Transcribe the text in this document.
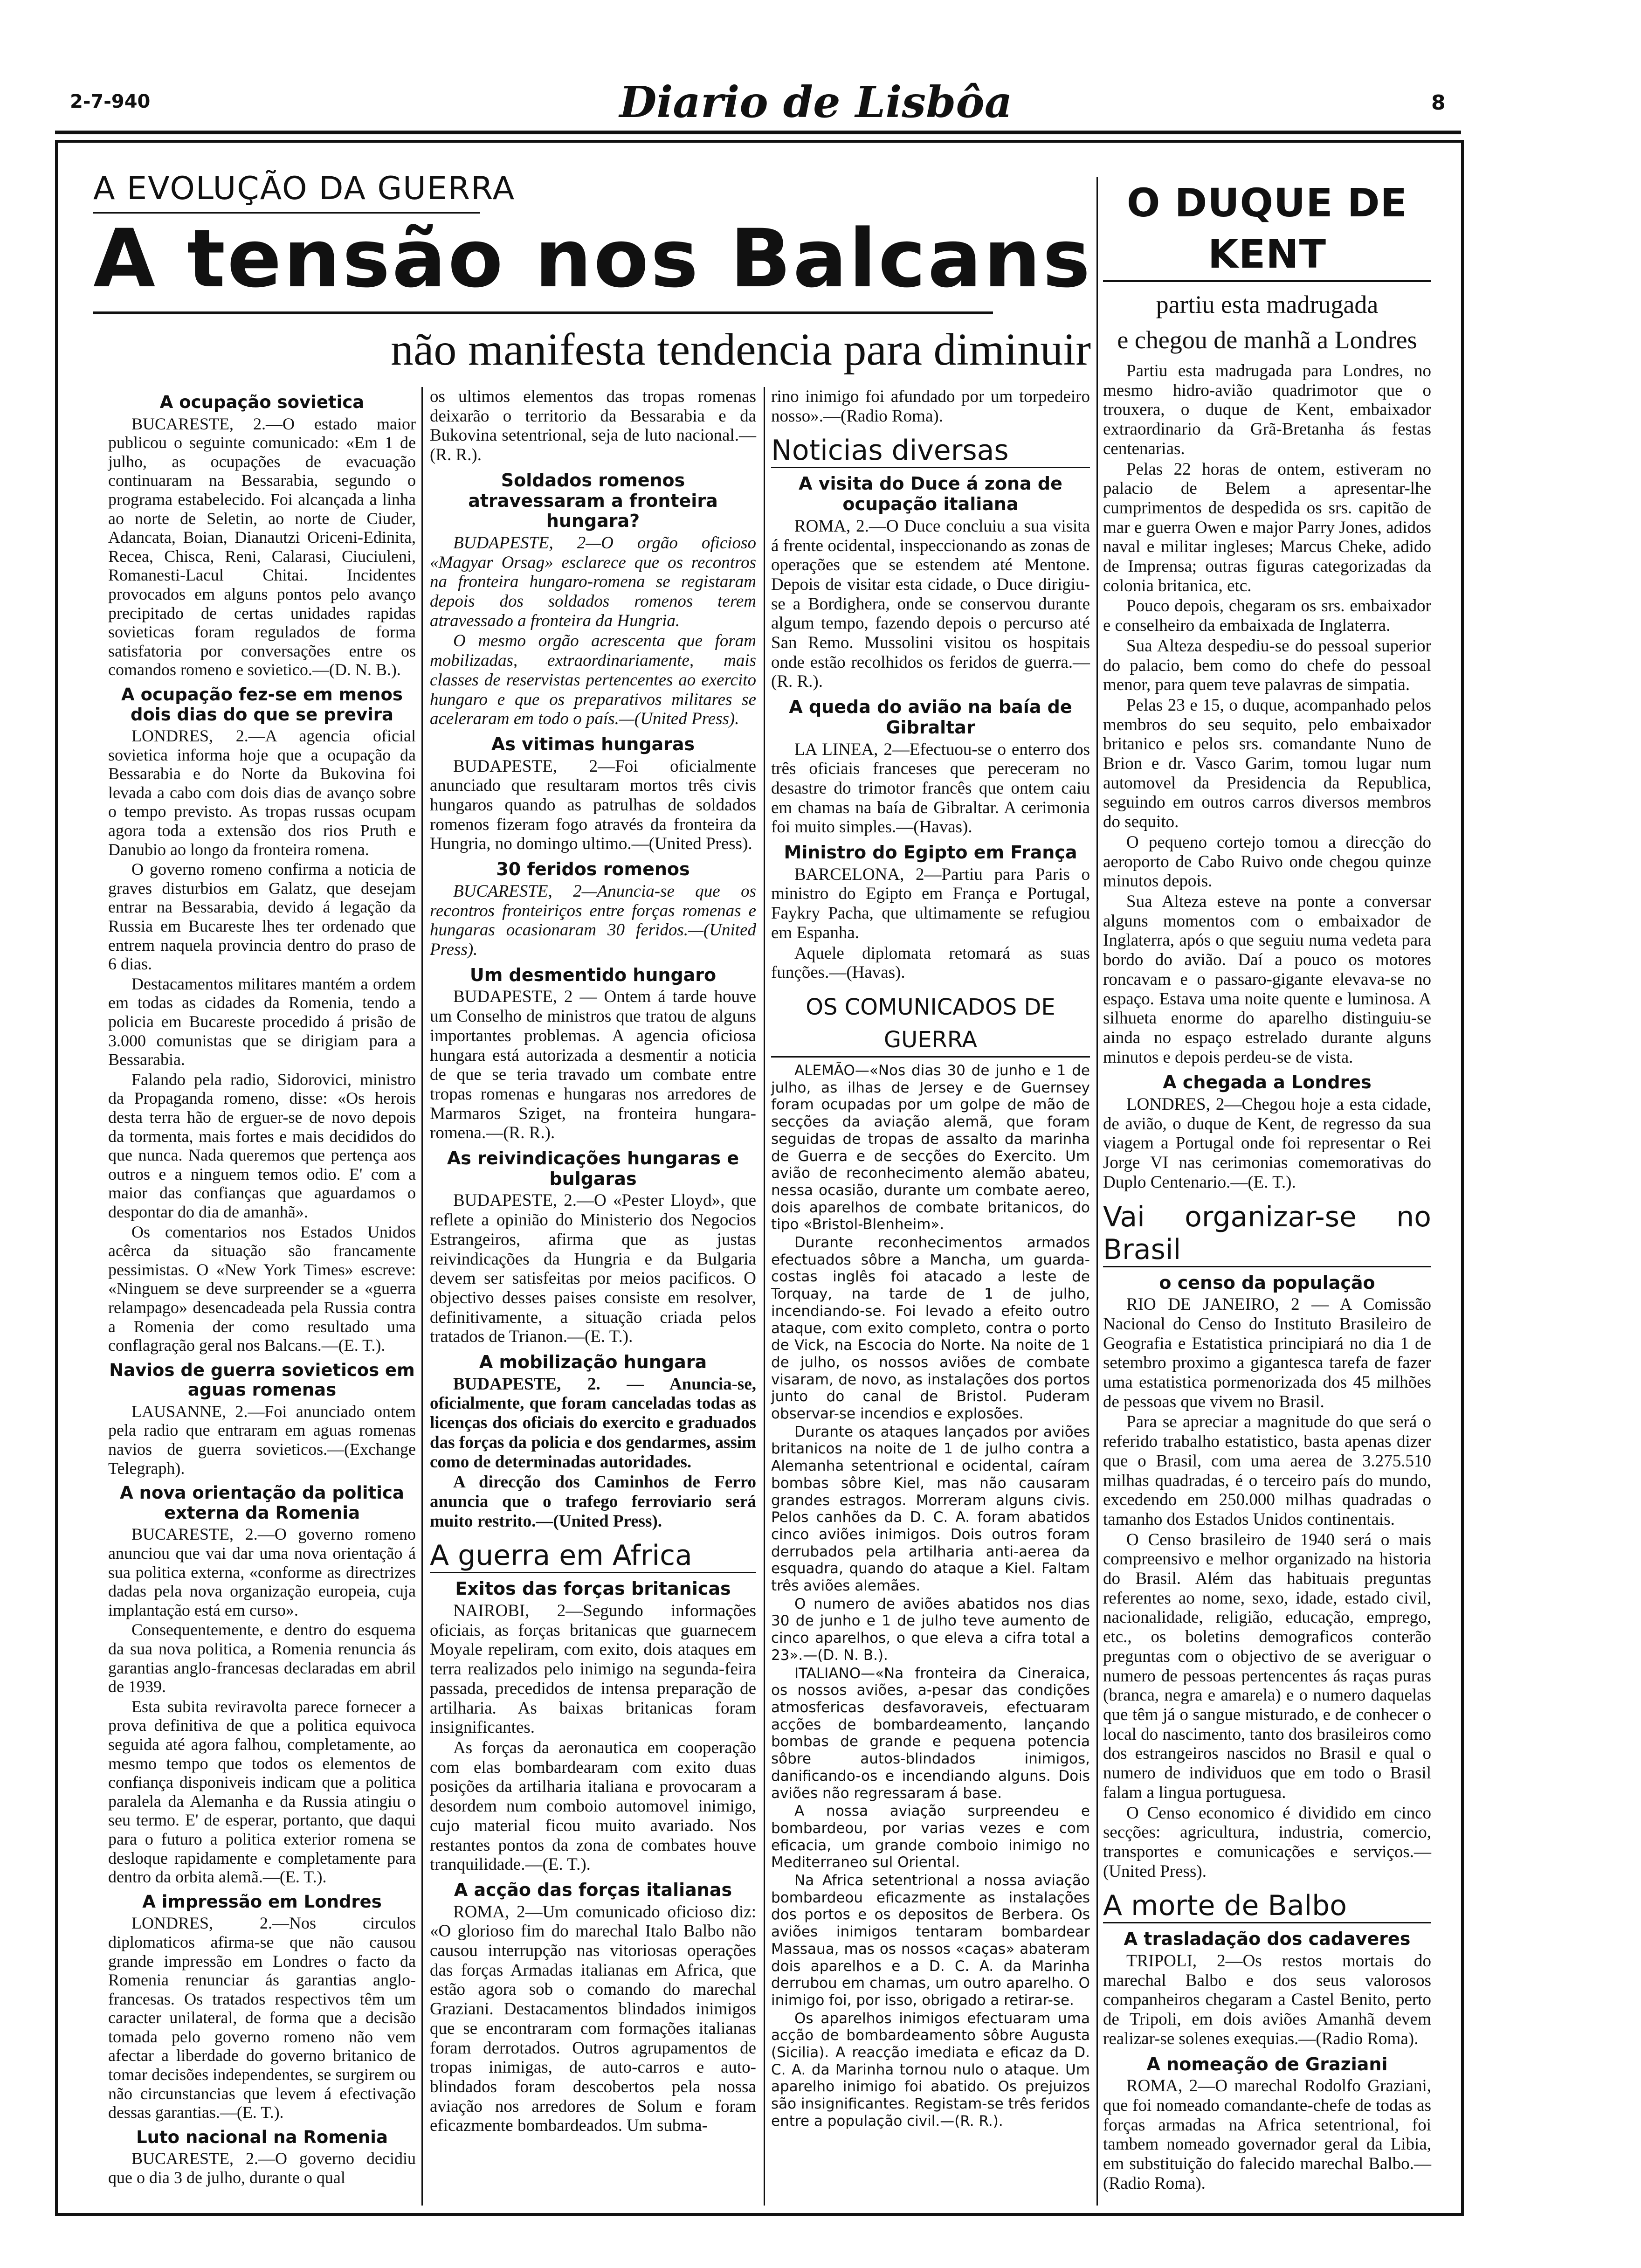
2-7-940	Diario de Lisbôa	8
A EVOLUÇÃO DA GUERRA
A tensão nos Balcans
não manifesta tendencia para diminuir
A ocupação sovietica

BUCARESTE, 2.—O estado maior publicou o seguinte comunicado: «Em 1 de julho, as ocupações de evacuação continuaram na Bessarabia, segundo o programa estabelecido. Foi alcançada a linha ao norte de Seletin, ao norte de Ciuder, Adancata, Boian, Dianautzi Oriceni-Edinita, Recea, Chisca, Reni, Calarasi, Ciuciuleni, Romanesti-Lacul Chitai. Incidentes provocados em alguns pontos pelo avanço precipitado de certas unidades rapidas sovieticas foram regulados de forma satisfatoria por conversações entre os comandos romeno e sovietico.—(D. N. B.).

A ocupação fez-se em menos dois dias do que se previra

LONDRES, 2.—A agencia oficial sovietica informa hoje que a ocupação da Bessarabia e do Norte da Bukovina foi levada a cabo com dois dias de avanço sobre o tempo previsto. As tropas russas ocupam agora toda a extensão dos rios Pruth e Danubio ao longo da fronteira romena.

O governo romeno confirma a noticia de graves disturbios em Galatz, que desejam entrar na Bessarabia, devido á legação da Russia em Bucareste lhes ter ordenado que entrem naquela provincia dentro do praso de 6 dias.

Destacamentos militares mantém a ordem em todas as cidades da Romenia, tendo a policia em Bucareste procedido á prisão de 3.000 comunistas que se dirigiam para a Bessarabia.

Falando pela radio, Sidorovici, ministro da Propaganda romeno, disse: «Os herois desta terra hão de erguer-se de novo depois da tormenta, mais fortes e mais decididos do que nunca. Nada queremos que pertença aos outros e a ninguem temos odio. E' com a maior das confianças que aguardamos o despontar do dia de amanhã».

Os comentarios nos Estados Unidos acêrca da situação são francamente pessimistas. O «New York Times» escreve: «Ninguem se deve surpreender se a «guerra relampago» desencadeada pela Russia contra a Romenia der como resultado uma conflagração geral nos Balcans.—(E. T.).

Navios de guerra sovieticos em aguas romenas

LAUSANNE, 2.—Foi anunciado ontem pela radio que entraram em aguas romenas navios de guerra sovieticos.—(Exchange Telegraph).

A nova orientação da politica externa da Romenia

BUCARESTE, 2.—O governo romeno anunciou que vai dar uma nova orientação á sua politica externa, «conforme as directrizes dadas pela nova organização europeia, cuja implantação está em curso».

Consequentemente, e dentro do esquema da sua nova politica, a Romenia renuncia ás garantias anglo-francesas declaradas em abril de 1939.

Esta subita reviravolta parece fornecer a prova definitiva de que a politica equivoca seguida até agora falhou, completamente, ao mesmo tempo que todos os elementos de confiança disponiveis indicam que a politica paralela da Alemanha e da Russia atingiu o seu termo. E' de esperar, portanto, que daqui para o futuro a politica exterior romena se desloque rapidamente e completamente para dentro da orbita alemã.—(E. T.).

A impressão em Londres

LONDRES, 2.—Nos circulos diplomaticos afirma-se que não causou grande impressão em Londres o facto da Romenia renunciar ás garantias anglo-francesas. Os tratados respectivos têm um caracter unilateral, de forma que a decisão tomada pelo governo romeno não vem afectar a liberdade do governo britanico de tomar decisões independentes, se surgirem ou não circunstancias que levem á efectivação dessas garantias.—(E. T.).

Luto nacional na Romenia

BUCARESTE, 2.—O governo decidiu que o dia 3 de julho, durante o qual

os ultimos elementos das tropas romenas deixarão o territorio da Bessarabia e da Bukovina setentrional, seja de luto nacional.—(R. R.).

Soldados romenos atravessaram a fronteira hungara?

BUDAPESTE, 2—O orgão oficioso «Magyar Orsag» esclarece que os recontros na fronteira hungaro-romena se registaram depois dos soldados romenos terem atravessado a fronteira da Hungria.

O mesmo orgão acrescenta que foram mobilizadas, extraordinariamente, mais classes de reservistas pertencentes ao exercito hungaro e que os preparativos militares se aceleraram em todo o país.—(United Press).

As vitimas hungaras

BUDAPESTE, 2—Foi oficialmente anunciado que resultaram mortos três civis hungaros quando as patrulhas de soldados romenos fizeram fogo através da fronteira da Hungria, no domingo ultimo.—(United Press).

30 feridos romenos

BUCARESTE, 2—Anuncia-se que os recontros fronteiriços entre forças romenas e hungaras ocasionaram 30 feridos.—(United Press).

Um desmentido hungaro

BUDAPESTE, 2 — Ontem á tarde houve um Conselho de ministros que tratou de alguns importantes problemas. A agencia oficiosa hungara está autorizada a desmentir a noticia de que se teria travado um combate entre tropas romenas e hungaras nos arredores de Marmaros Sziget, na fronteira hungara-romena.—(R. R.).

As reivindicações hungaras e bulgaras

BUDAPESTE, 2.—O «Pester Lloyd», que reflete a opinião do Ministerio dos Negocios Estrangeiros, afirma que as justas reivindicações da Hungria e da Bulgaria devem ser satisfeitas por meios pacificos. O objectivo desses paises consiste em resolver, definitivamente, a situação criada pelos tratados de Trianon.—(E. T.).

A mobilização hungara

BUDAPESTE, 2. — Anuncia-se, oficialmente, que foram canceladas todas as licenças dos oficiais do exercito e graduados das forças da policia e dos gendarmes, assim como de determinadas autoridades.

A direcção dos Caminhos de Ferro anuncia que o trafego ferroviario será muito restrito.—(United Press).

A guerra em Africa
Exitos das forças britanicas

NAIROBI, 2—Segundo informações oficiais, as forças britanicas que guarnecem Moyale repeliram, com exito, dois ataques em terra realizados pelo inimigo na segunda-feira passada, precedidos de intensa preparação de artilharia. As baixas britanicas foram insignificantes.

As forças da aeronautica em cooperação com elas bombardearam com exito duas posições da artilharia italiana e provocaram a desordem num comboio automovel inimigo, cujo material ficou muito avariado. Nos restantes pontos da zona de combates houve tranquilidade.—(E. T.).

A acção das forças italianas

ROMA, 2—Um comunicado oficioso diz: «O glorioso fim do marechal Italo Balbo não causou interrupção nas vitoriosas operações das forças Armadas italianas em Africa, que estão agora sob o comando do marechal Graziani. Destacamentos blindados inimigos que se encontraram com formações italianas foram derrotados. Outros agrupamentos de tropas inimigas, de auto-carros e auto-blindados foram descobertos pela nossa aviação nos arredores de Solum e foram eficazmente bombardeados. Um subma-

rino inimigo foi afundado por um torpedeiro nosso».—(Radio Roma).

Noticias diversas
A visita do Duce á zona de ocupação italiana

ROMA, 2.—O Duce concluiu a sua visita á frente ocidental, inspeccionando as zonas de operações que se estendem até Mentone. Depois de visitar esta cidade, o Duce dirigiu-se a Bordighera, onde se conservou durante algum tempo, fazendo depois o percurso até San Remo. Mussolini visitou os hospitais onde estão recolhidos os feridos de guerra.—(R. R.).

A queda do avião na baía de Gibraltar

LA LINEA, 2—Efectuou-se o enterro dos três oficiais franceses que pereceram no desastre do trimotor francês que ontem caiu em chamas na baía de Gibraltar. A cerimonia foi muito simples.—(Havas).

Ministro do Egipto em França

BARCELONA, 2—Partiu para Paris o ministro do Egipto em França e Portugal, Faykry Pacha, que ultimamente se refugiou em Espanha.

Aquele diplomata retomará as suas funções.—(Havas).

OS COMUNICADOS DE GUERRA

ALEMÃO—«Nos dias 30 de junho e 1 de julho, as ilhas de Jersey e de Guernsey foram ocupadas por um golpe de mão de secções da aviação alemã, que foram seguidas de tropas de assalto da marinha de Guerra e de secções do Exercito. Um avião de reconhecimento alemão abateu, nessa ocasião, durante um combate aereo, dois aparelhos de combate britanicos, do tipo «Bristol-Blenheim».

Durante reconhecimentos armados efectuados sôbre a Mancha, um guarda-costas inglês foi atacado a leste de Torquay, na tarde de 1 de julho, incendiando-se. Foi levado a efeito outro ataque, com exito completo, contra o porto de Vick, na Escocia do Norte. Na noite de 1 de julho, os nossos aviões de combate visaram, de novo, as instalações dos portos junto do canal de Bristol. Puderam observar-se incendios e explosões.

Durante os ataques lançados por aviões britanicos na noite de 1 de julho contra a Alemanha setentrional e ocidental, caíram bombas sôbre Kiel, mas não causaram grandes estragos. Morreram alguns civis. Pelos canhões da D. C. A. foram abatidos cinco aviões inimigos. Dois outros foram derrubados pela artilharia anti-aerea da esquadra, quando do ataque a Kiel. Faltam três aviões alemães.

O numero de aviões abatidos nos dias 30 de junho e 1 de julho teve aumento de cinco aparelhos, o que eleva a cifra total a 23».—(D. N. B.).

ITALIANO—«Na fronteira da Cineraica, os nossos aviões, a-pesar das condições atmosfericas desfavoraveis, efectuaram acções de bombardeamento, lançando bombas de grande e pequena potencia sôbre autos-blindados inimigos, danificando-os e incendiando alguns. Dois aviões não regressaram á base.

A nossa aviação surpreendeu e bombardeou, por varias vezes e com eficacia, um grande comboio inimigo no Mediterraneo sul Oriental.

Na Africa setentrional a nossa aviação bombardeou eficazmente as instalações dos portos e os depositos de Berbera. Os aviões inimigos tentaram bombardear Massaua, mas os nossos «caças» abateram dois aparelhos e a D. C. A. da Marinha derrubou em chamas, um outro aparelho. O inimigo foi, por isso, obrigado a retirar-se.

Os aparelhos inimigos efectuaram uma acção de bombardeamento sôbre Augusta (Sicilia). A reacção imediata e eficaz da D. C. A. da Marinha tornou nulo o ataque. Um aparelho inimigo foi abatido. Os prejuizos são insignificantes. Registam-se três feridos entre a população civil.—(R. R.).

O DUQUE DE KENT
partiu esta madrugada
e chegou de manhã a Londres

Partiu esta madrugada para Londres, no mesmo hidro-avião quadrimotor que o trouxera, o duque de Kent, embaixador extraordinario da Grã-Bretanha ás festas centenarias.

Pelas 22 horas de ontem, estiveram no palacio de Belem a apresentar-lhe cumprimentos de despedida os srs. capitão de mar e guerra Owen e major Parry Jones, adidos naval e militar ingleses; Marcus Cheke, adido de Imprensa; outras figuras categorizadas da colonia britanica, etc.

Pouco depois, chegaram os srs. embaixador e conselheiro da embaixada de Inglaterra.

Sua Alteza despediu-se do pessoal superior do palacio, bem como do chefe do pessoal menor, para quem teve palavras de simpatia.

Pelas 23 e 15, o duque, acompanhado pelos membros do seu sequito, pelo embaixador britanico e pelos srs. comandante Nuno de Brion e dr. Vasco Garim, tomou lugar num automovel da Presidencia da Republica, seguindo em outros carros diversos membros do sequito.

O pequeno cortejo tomou a direcção do aeroporto de Cabo Ruivo onde chegou quinze minutos depois.

Sua Alteza esteve na ponte a conversar alguns momentos com o embaixador de Inglaterra, após o que seguiu numa vedeta para bordo do avião. Daí a pouco os motores roncavam e o passaro-gigante elevava-se no espaço. Estava uma noite quente e luminosa. A silhueta enorme do aparelho distinguiu-se ainda no espaço estrelado durante alguns minutos e depois perdeu-se de vista.

A chegada a Londres

LONDRES, 2—Chegou hoje a esta cidade, de avião, o duque de Kent, de regresso da sua viagem a Portugal onde foi representar o Rei Jorge VI nas cerimonias comemorativas do Duplo Centenario.—(E. T.).

Vai organizar-se no Brasil
o censo da população

RIO DE JANEIRO, 2 — A Comissão Nacional do Censo do Instituto Brasileiro de Geografia e Estatistica principiará no dia 1 de setembro proximo a gigantesca tarefa de fazer uma estatistica pormenorizada dos 45 milhões de pessoas que vivem no Brasil.

Para se apreciar a magnitude do que será o referido trabalho estatistico, basta apenas dizer que o Brasil, com uma aerea de 3.275.510 milhas quadradas, é o terceiro país do mundo, excedendo em 250.000 milhas quadradas o tamanho dos Estados Unidos continentais.

O Censo brasileiro de 1940 será o mais compreensivo e melhor organizado na historia do Brasil. Além das habituais preguntas referentes ao nome, sexo, idade, estado civil, nacionalidade, religião, educação, emprego, etc., os boletins demograficos conterão preguntas com o objectivo de se averiguar o numero de pessoas pertencentes ás raças puras (branca, negra e amarela) e o numero daquelas que têm já o sangue misturado, e de conhecer o local do nascimento, tanto dos brasileiros como dos estrangeiros nascidos no Brasil e qual o numero de individuos que em todo o Brasil falam a lingua portuguesa.

O Censo economico é dividido em cinco secções: agricultura, industria, comercio, transportes e comunicações e serviços.—(United Press).

A morte de Balbo
A trasladação dos cadaveres

TRIPOLI, 2—Os restos mortais do marechal Balbo e dos seus valorosos companheiros chegaram a Castel Benito, perto de Tripoli, em dois aviões Amanhã devem realizar-se solenes exequias.—(Radio Roma).

A nomeação de Graziani

ROMA, 2—O marechal Rodolfo Graziani, que foi nomeado comandante-chefe de todas as forças armadas na Africa setentrional, foi tambem nomeado governador geral da Libia, em substituição do falecido marechal Balbo.—(Radio Roma).
